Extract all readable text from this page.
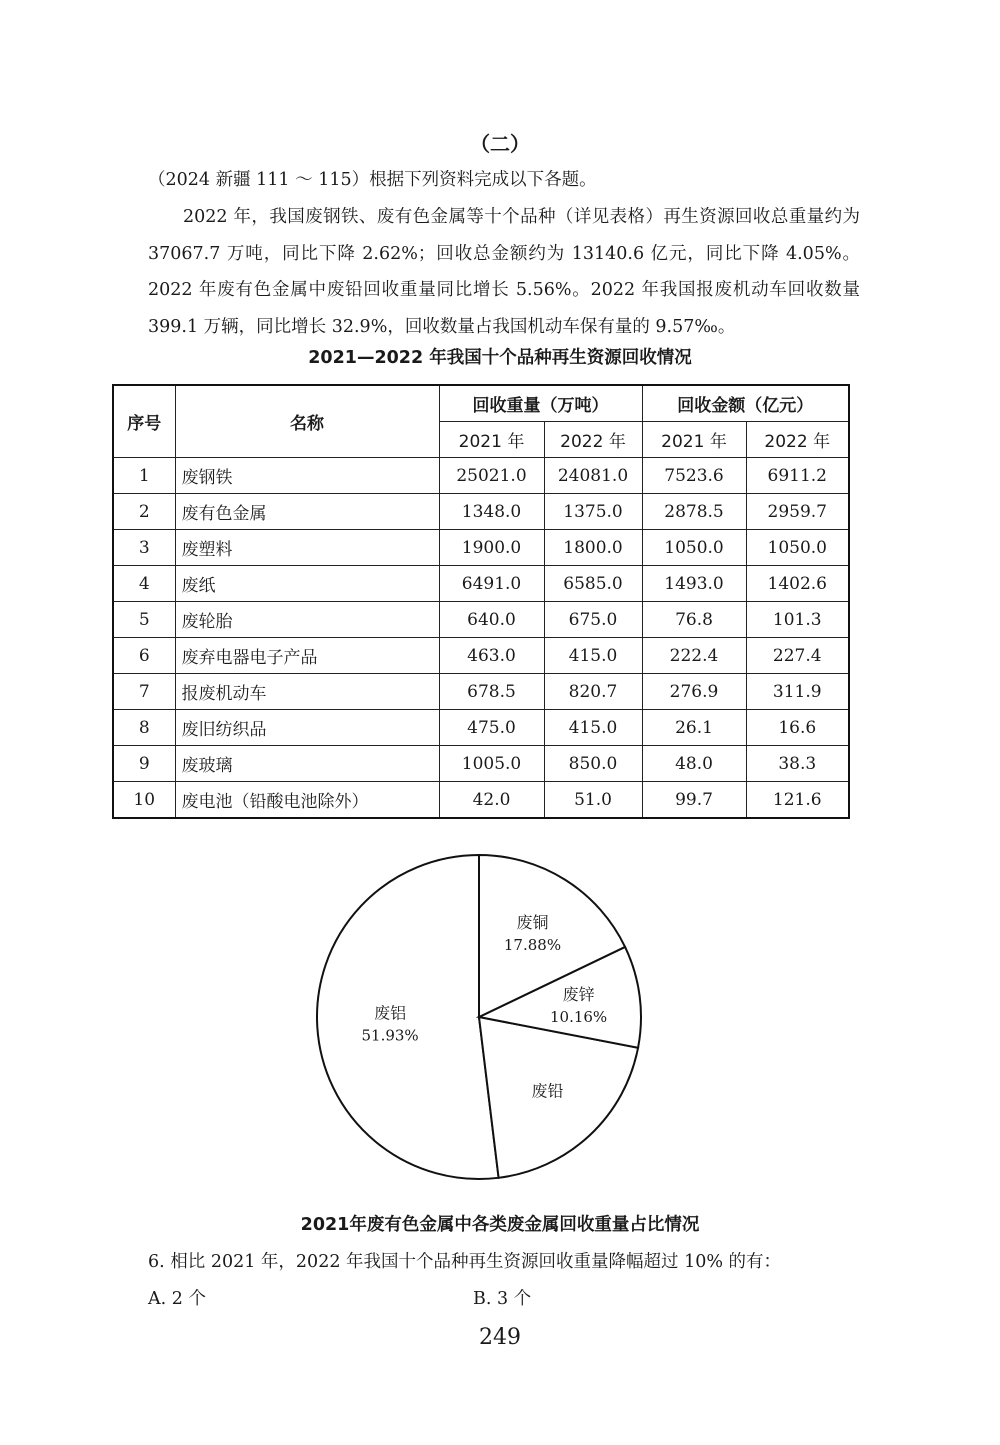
（二）

（2024 新疆 111 ～ 115）根据下列资料完成以下各题。

2022 年，我国废钢铁、废有色金属等十个品种（详见表格）再生资源回收总重量约为 37067.7 万吨，同比下降 2.62%；回收总金额约为 13140.6 亿元，同比下降 4.05%。2022 年废有色金属中废铅回收重量同比增长 5.56%。2022 年我国报废机动车回收数量 399.1 万辆，同比增长 32.9%，回收数量占我国机动车保有量的 9.57‰。

2021—2022 年我国十个品种再生资源回收情况
序号	名称	回收重量（万吨）		回收金额（亿元）	
		2021 年	2022 年	2021 年	2022 年
1	废钢铁	25021.0	24081.0	7523.6	6911.2
2	废有色金属	1348.0	1375.0	2878.5	2959.7
3	废塑料	1900.0	1800.0	1050.0	1050.0
4	废纸	6491.0	6585.0	1493.0	1402.6
5	废轮胎	640.0	675.0	76.8	101.3
6	废弃电器电子产品	463.0	415.0	222.4	227.4
7	报废机动车	678.5	820.7	276.9	311.9
8	废旧纺织品	475.0	415.0	26.1	16.6
9	废玻璃	1005.0	850.0	48.0	38.3
10	废电池（铅酸电池除外）	42.0	51.0	99.7	121.6
废铝
51.93%
废铅
废锌
10.16%
废铜
17.88%
2021年废有色金属中各类废金属回收重量占比情况
6. 相比 2021 年，2022 年我国十个品种再生资源回收重量降幅超过 10% 的有：
A. 2 个	B. 3 个
249
